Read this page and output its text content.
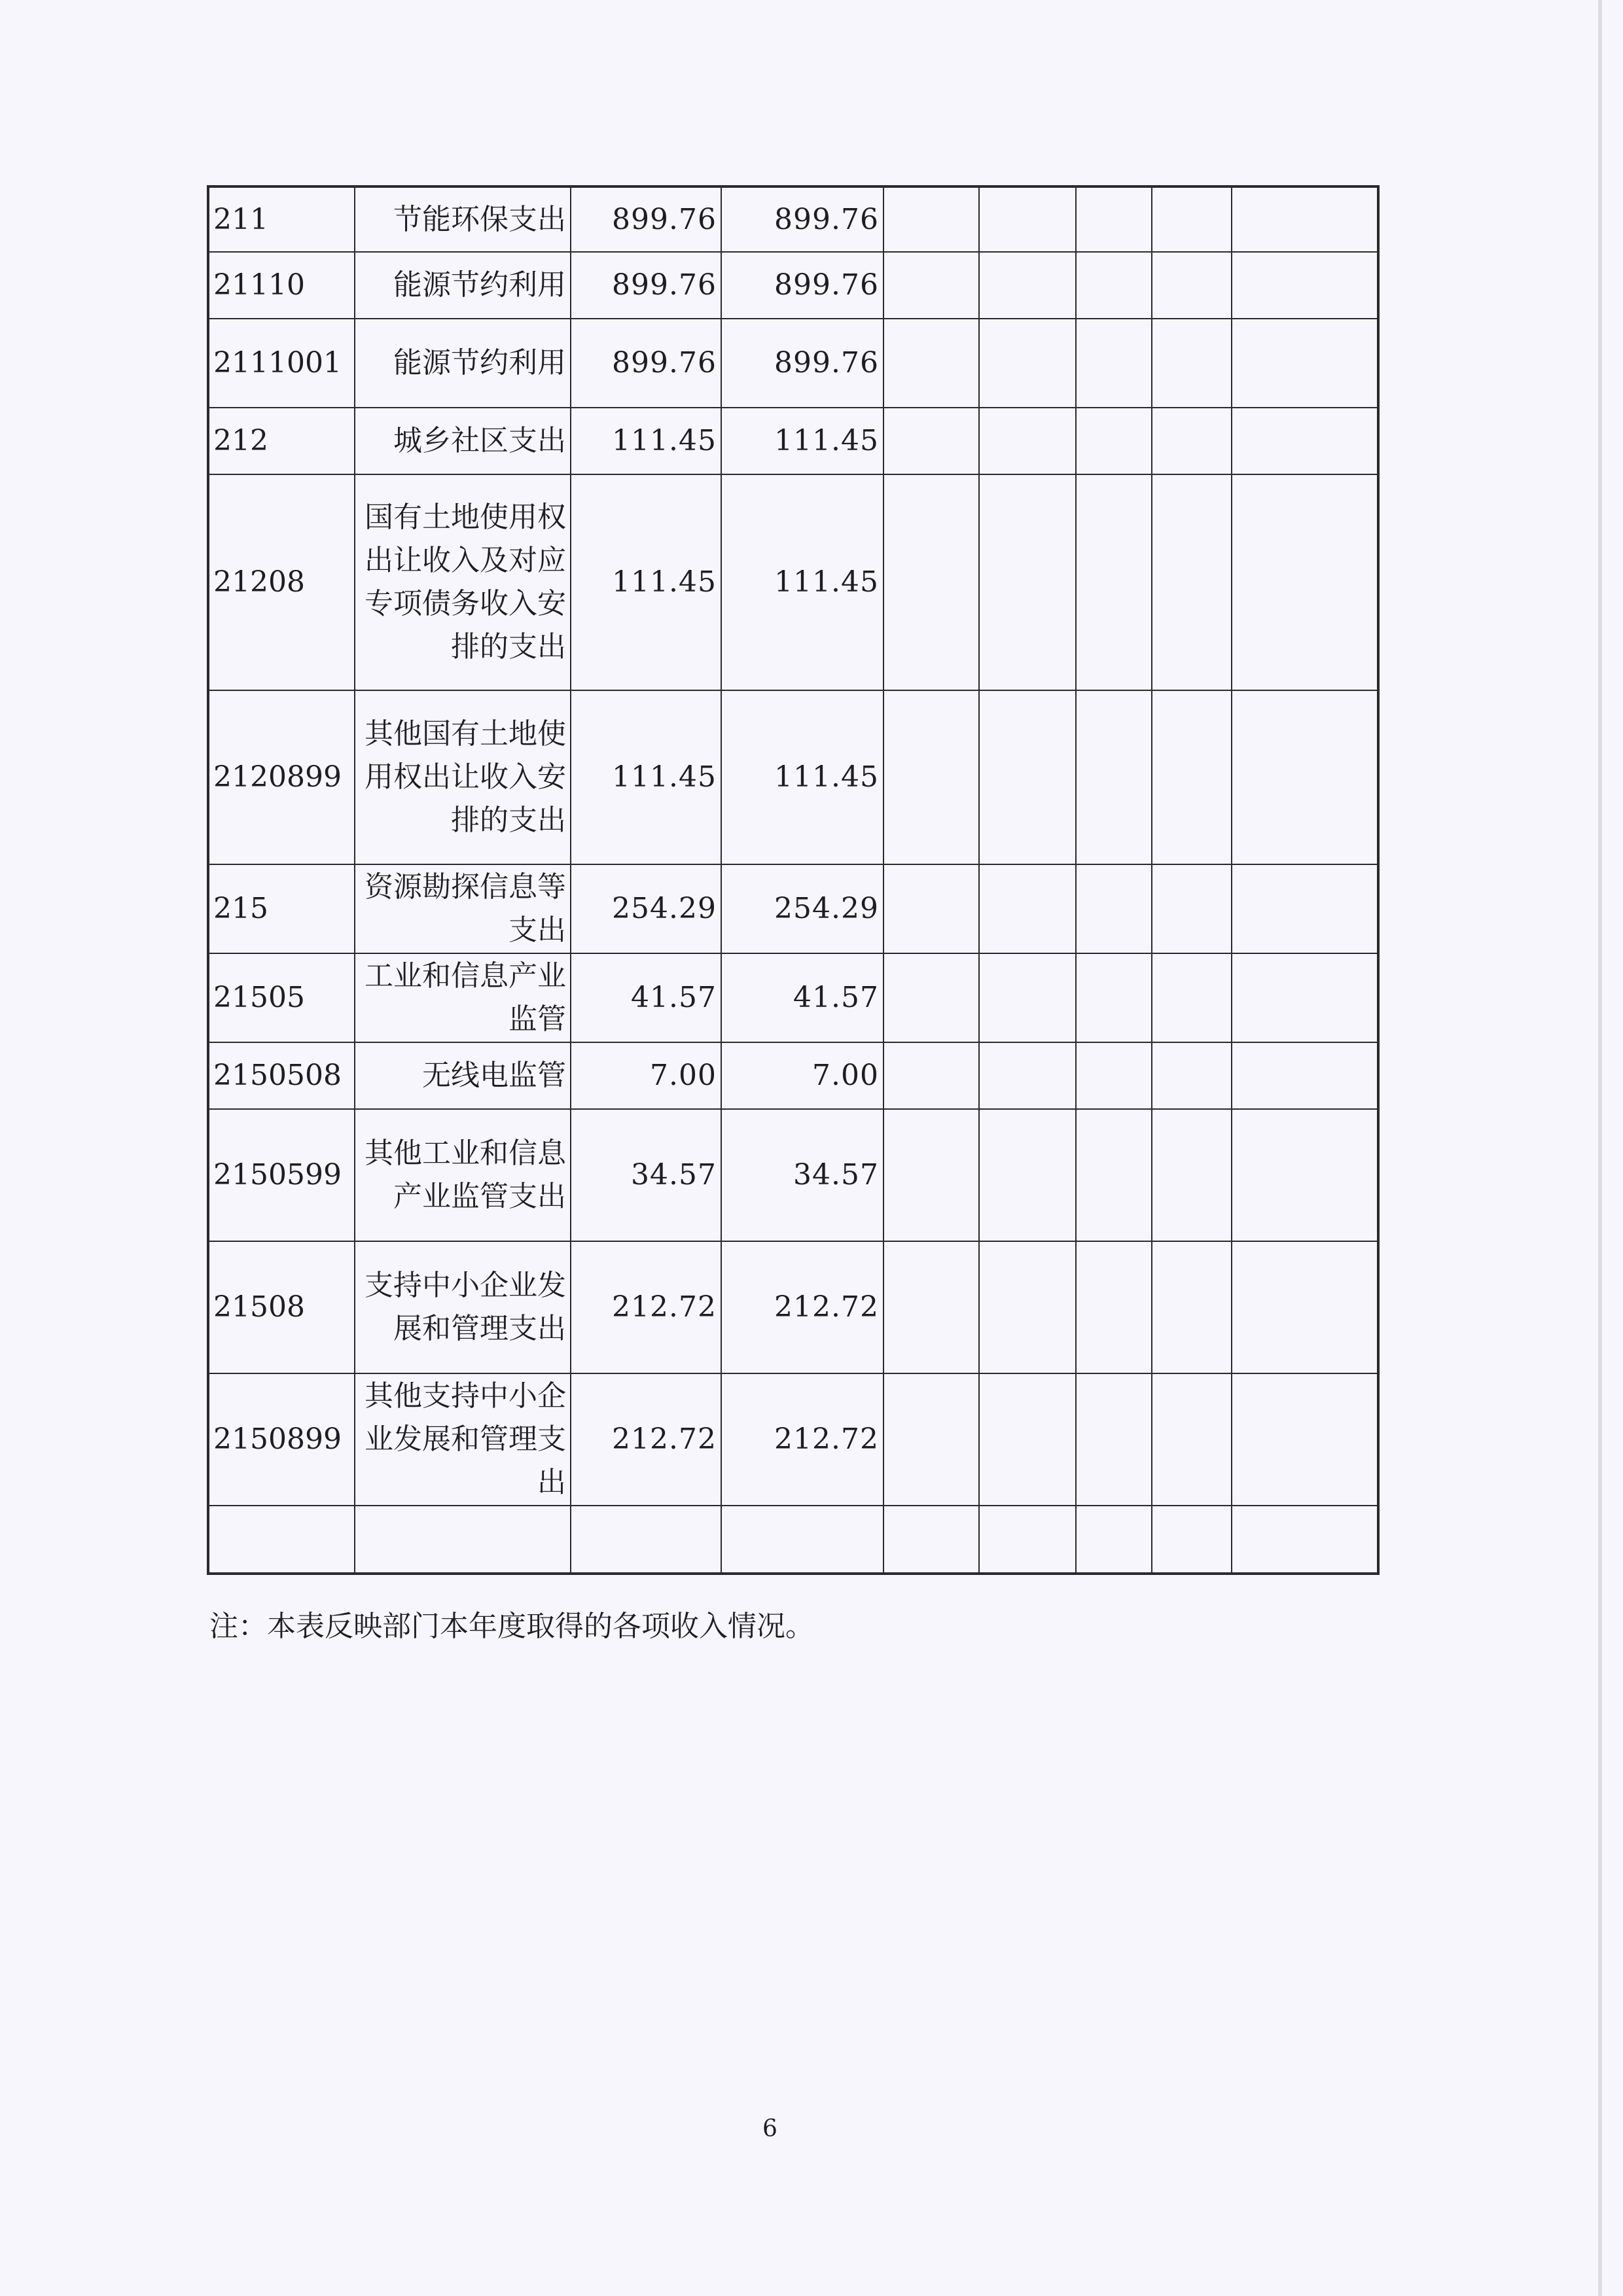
211	节能环保支出	899.76	899.76					
21110	能源节约利用	899.76	899.76					
2111001	能源节约利用	899.76	899.76					
212	城乡社区支出	111.45	111.45					
21208	国有土地使用权出让收入及对应专项债务收入安排的支出	111.45	111.45					
2120899	其他国有土地使用权出让收入安排的支出	111.45	111.45					
215	资源勘探信息等支出	254.29	254.29					
21505	工业和信息产业监管	41.57	41.57					
2150508	无线电监管	7.00	7.00					
2150599	其他工业和信息产业监管支出	34.57	34.57					
21508	支持中小企业发展和管理支出	212.72	212.72					
2150899	其他支持中小企业发展和管理支出	212.72	212.72					

注：本表反映部门本年度取得的各项收入情况。
6
